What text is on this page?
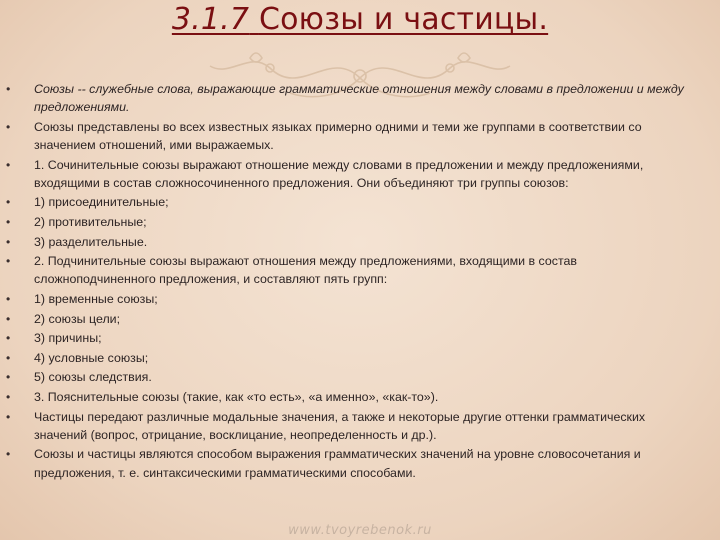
3.1.7 Союзы и частицы.
• Союзы -- служебные слова, выражающие грамматические отношения между словами в предложении и между предложениями.
• Союзы представлены во всех известных языках примерно одними и теми же группами в соответствии со значением отношений, ими выражаемых.
• 1. Сочинительные союзы выражают отношение между словами в предложении и между предложениями, входящими в состав сложносочиненного предложения. Они объединяют три группы союзов:
• 1) присоединительные;
• 2) противительные;
• 3) разделительные.
• 2. Подчинительные союзы выражают отношения между предложениями, входящими в состав сложноподчиненного предложения, и составляют пять групп:
• 1) временные союзы;
• 2) союзы цели;
• 3) причины;
• 4) условные союзы;
• 5) союзы следствия.
• 3. Пояснительные союзы (такие, как «то есть», «а именно», «как-то»).
• Частицы передают различные модальные значения, а также и некоторые другие оттенки грамматических значений (вопрос, отрицание, восклицание, неопределенность и др.).
• Союзы и частицы являются способом выражения грамматических значений на уровне словосочетания и предложения, т. е. синтаксическими грамматическими способами.
www.tvoyrebenok.ru
